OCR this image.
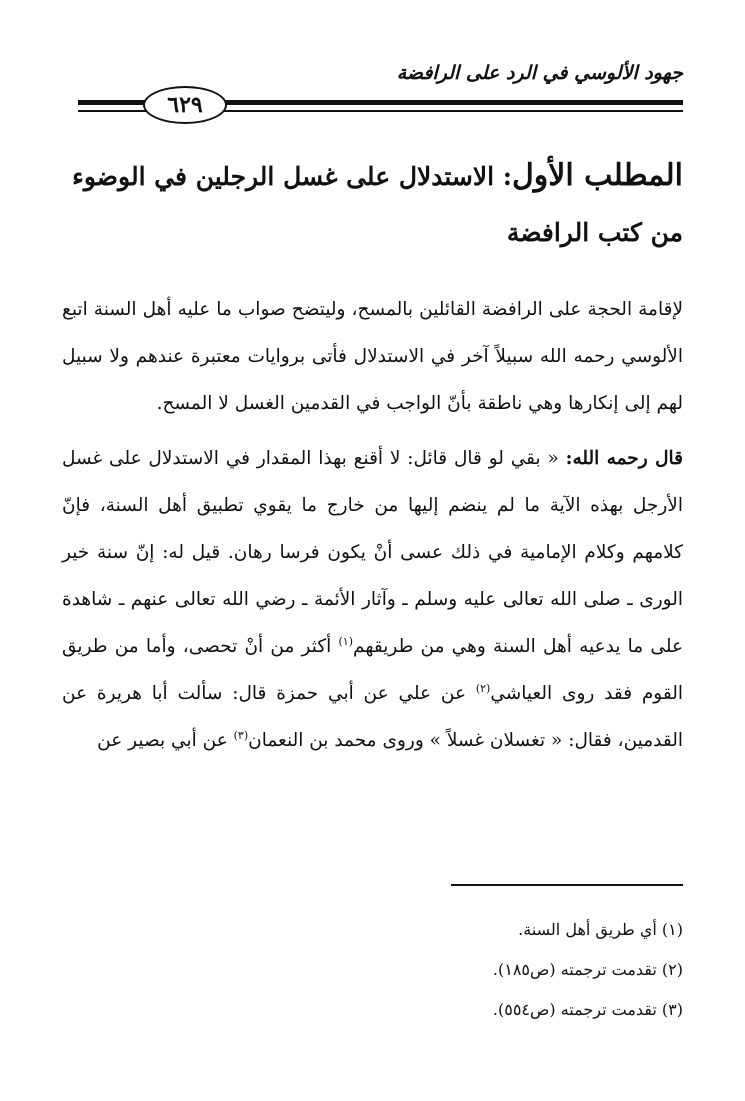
جهود الألوسي في الرد على الرافضة
٦٢٩
المطلب الأول: الاستدلال على غسل الرجلين في الوضوء من كتب الرافضة

لإقامة الحجة على الرافضة القائلين بالمسح، وليتضح صواب ما عليه أهل السنة اتبع الألوسي رحمه الله سبيلاً آخر في الاستدلال فأتى بروايات معتبرة عندهم ولا سبيل لهم إلى إنكارها وهي ناطقة بأنّ الواجب في القدمين الغسل لا المسح.

قال رحمه الله: « بقي لو قال قائل: لا أقنع بهذا المقدار في الاستدلال على غسل الأرجل بهذه الآية ما لم ينضم إليها من خارج ما يقوي تطبيق أهل السنة، فإنّ كلامهم وكلام الإمامية في ذلك عسى أنْ يكون فرسا رهان. قيل له: إنّ سنة خير الورى ـ صلى الله تعالى عليه وسلم ـ وآثار الأئمة ـ رضي الله تعالى عنهم ـ شاهدة على ما يدعيه أهل السنة وهي من طريقهم$^{(١)}$ أكثر من أنْ تحصى، وأما من طريق القوم فقد روى العياشي$^{(٢)}$ عن علي عن أبي حمزة قال: سألت أبا هريرة عن القدمين، فقال: « تغسلان غسلاً » وروى محمد بن النعمان$^{(٣)}$ عن أبي بصير عن

(١) أي طريق أهل السنة.
(٢) تقدمت ترجمته (ص١٨٥).
(٣) تقدمت ترجمته (ص٥٥٤).
